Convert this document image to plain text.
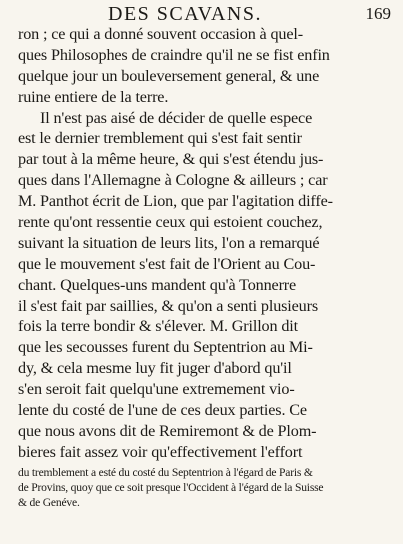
DES SCAVANS.	169
ron ; ce qui a donné souvent occasion à quel-
ques Philosophes de craindre qu'il ne se fist enfin
quelque jour un bouleversement general, & une
ruine entiere de la terre.
Il n'est pas aisé de décider de quelle espece
est le dernier tremblement qui s'est fait sentir
par tout à la même heure, & qui s'est étendu jus-
ques dans l'Allemagne à Cologne & ailleurs ; car
M. Panthot écrit de Lion, que par l'agitation diffe-
rente qu'ont ressentie ceux qui estoient couchez,
suivant la situation de leurs lits, l'on a remarqué
que le mouvement s'est fait de l'Orient au Cou-
chant. Quelques-uns mandent qu'à Tonnerre
il s'est fait par saillies, & qu'on a senti plusieurs
fois la terre bondir & s'élever. M. Grillon dit
que les secousses furent du Septentrion au Mi-
dy, & cela mesme luy fit juger d'abord qu'il
s'en seroit fait quelqu'une extremement vio-
lente du costé de l'une de ces deux parties. Ce
que nous avons dit de Remiremont & de Plom-
bieres fait assez voir qu'effectivement l'effort
du tremblement a esté du costé du Septentrion à l'égard de Paris &
de Provins, quoy que ce soit presque l'Occident à l'égard de la Suisse
& de Genéve.
